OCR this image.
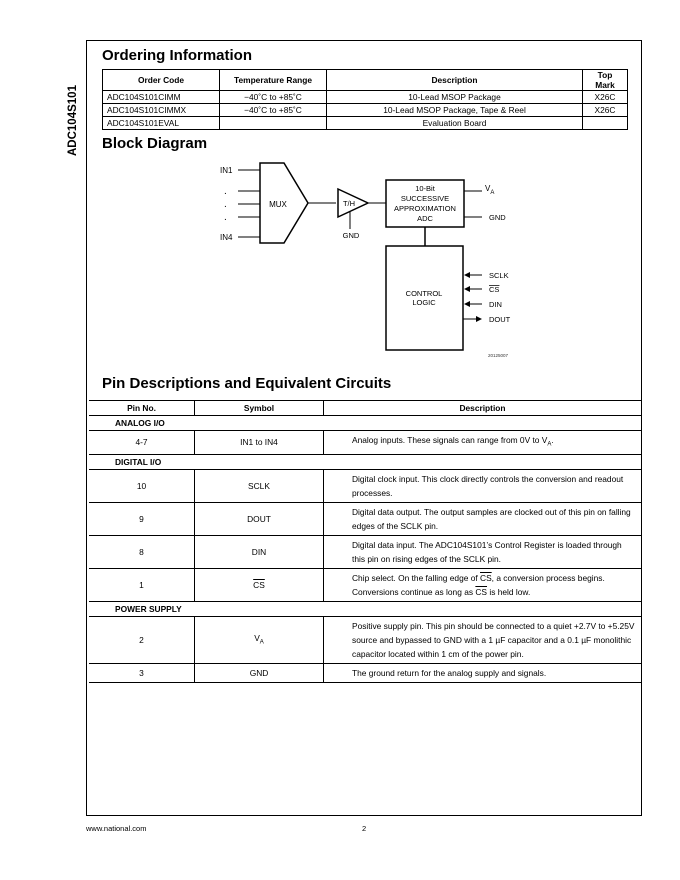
ADC104S101
Ordering Information
Order Code	Temperature Range	Description	Top Mark
ADC104S101CIMM	−40˚C to +85˚C	10-Lead MSOP Package	X26C
ADC104S101CIMMX	−40˚C to +85˚C	10-Lead MSOP Package, Tape & Reel	X26C
ADC104S101EVAL		Evaluation Board	
Block Diagram
IN1
.
.
.
IN4
MUX	T/H
GND
10-Bit
SUCCESSIVE
APPROXIMATION
ADC
$V_A$
GND
CONTROL
LOGIC
SCLK
CS
DIN
DOUT
20125007
Pin Descriptions and Equivalent Circuits
Pin No.	Symbol	Description
ANALOG I/O		
4-7	IN1 to IN4	Analog inputs. These signals can range from 0V to $V_A$.
DIGITAL I/O		
10	SCLK	Digital clock input. This clock directly controls the conversion and readout processes.
9	DOUT	Digital data output. The output samples are clocked out of this pin on falling edges of the SCLK pin.
8	DIN	Digital data input. The ADC104S101’s Control Register is loaded through this pin on rising edges of the SCLK pin.
1	$\overline{CS}$	Chip select. On the falling edge of $\overline{CS}$, a conversion process begins. Conversions continue as long as $\overline{CS}$ is held low.
POWER SUPPLY		
2	$V_A$	Positive supply pin. This pin should be connected to a quiet +2.7V to +5.25V source and bypassed to GND with a 1 µF capacitor and a 0.1 µF monolithic capacitor located within 1 cm of the power pin.
3	GND	The ground return for the analog supply and signals.
www.national.com	2
